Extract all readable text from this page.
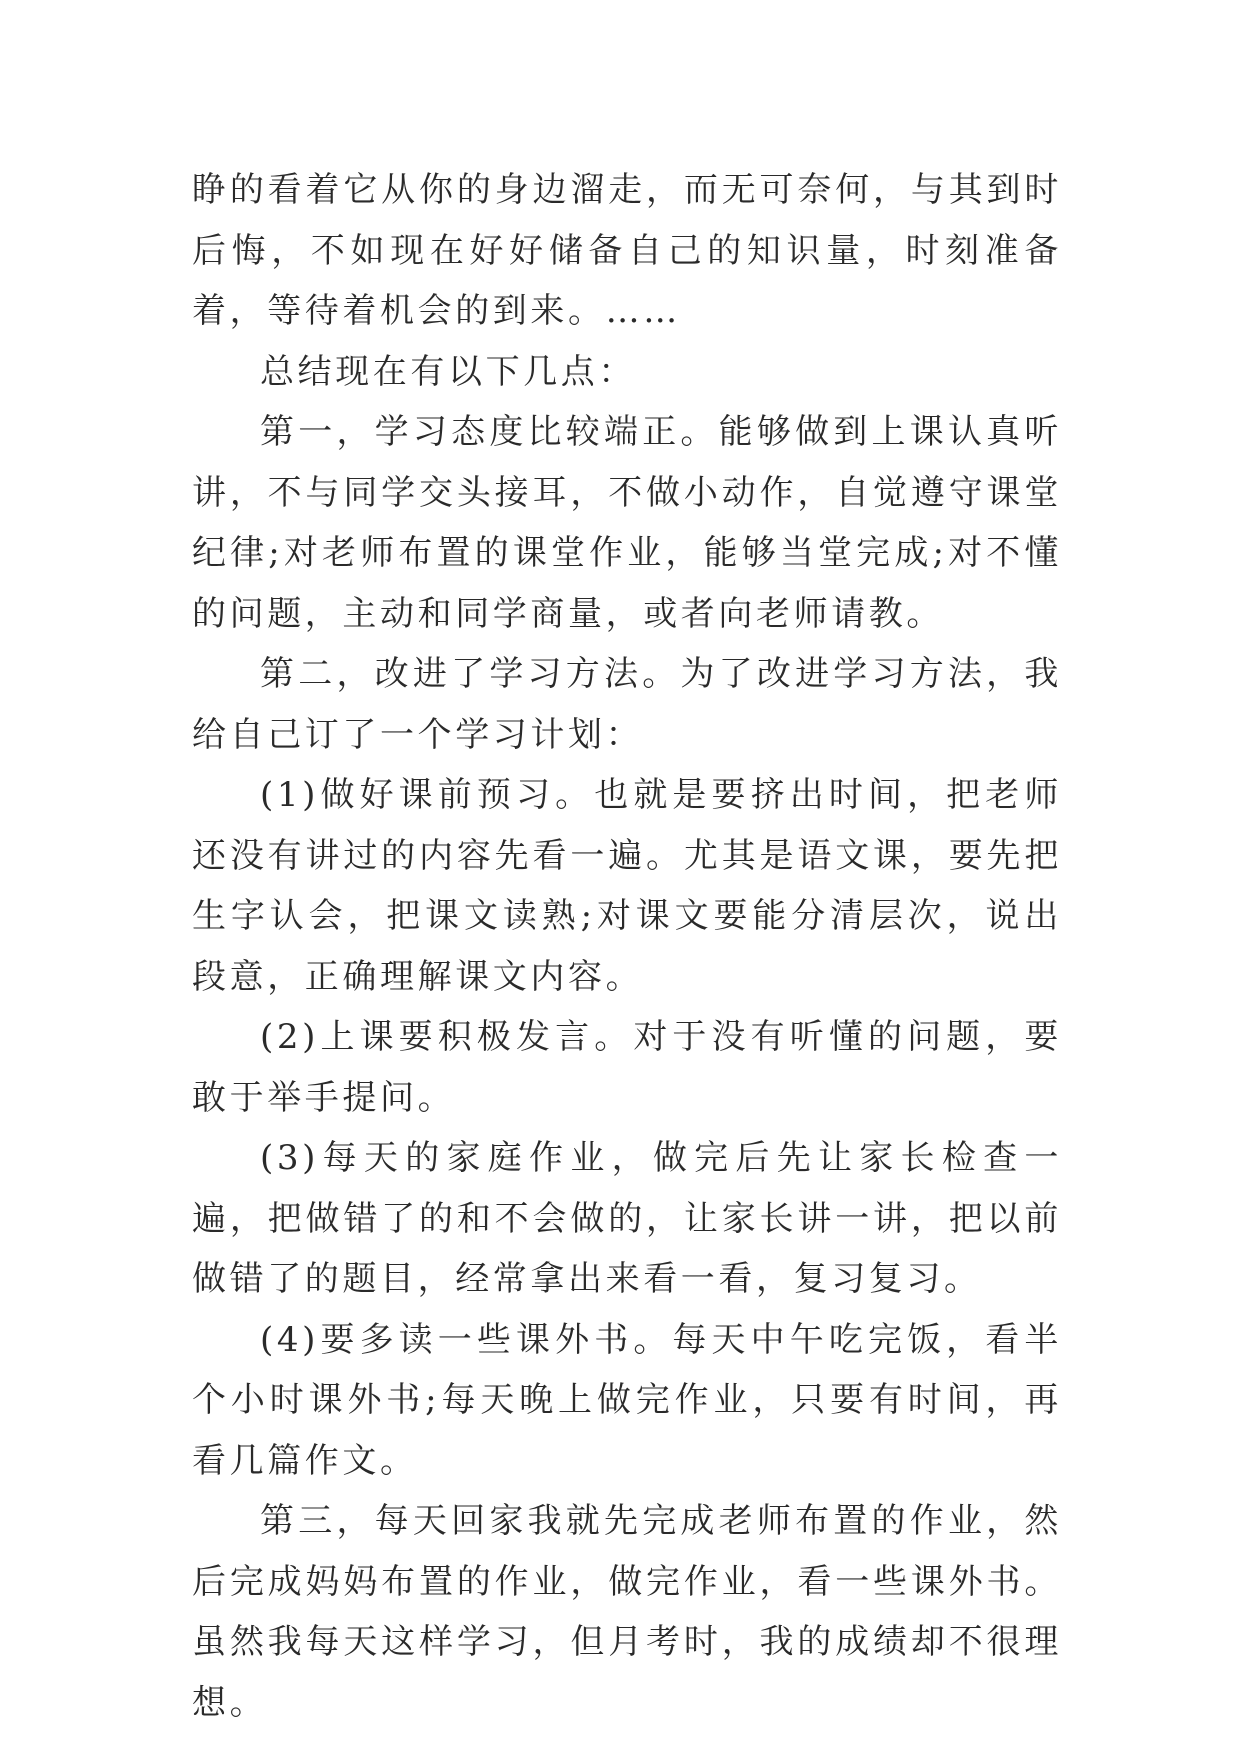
睁的看着它从你的身边溜走，而无可奈何，与其到时后悔，不如现在好好储备自己的知识量，时刻准备着，等待着机会的到来。……

总结现在有以下几点：

第一，学习态度比较端正。能够做到上课认真听讲，不与同学交头接耳，不做小动作，自觉遵守课堂纪律;对老师布置的课堂作业，能够当堂完成;对不懂的问题，主动和同学商量，或者向老师请教。

第二，改进了学习方法。为了改进学习方法，我给自己订了一个学习计划：

(1)做好课前预习。也就是要挤出时间，把老师还没有讲过的内容先看一遍。尤其是语文课，要先把生字认会，把课文读熟;对课文要能分清层次，说出段意，正确理解课文内容。

(2)上课要积极发言。对于没有听懂的问题，要敢于举手提问。

(3)每天的家庭作业，做完后先让家长检查一遍，把做错了的和不会做的，让家长讲一讲，把以前做错了的题目，经常拿出来看一看，复习复习。

(4)要多读一些课外书。每天中午吃完饭，看半个小时课外书;每天晚上做完作业，只要有时间，再看几篇作文。

第三，每天回家我就先完成老师布置的作业，然后完成妈妈布置的作业，做完作业，看一些课外书。虽然我每天这样学习，但月考时，我的成绩却不很理想。
